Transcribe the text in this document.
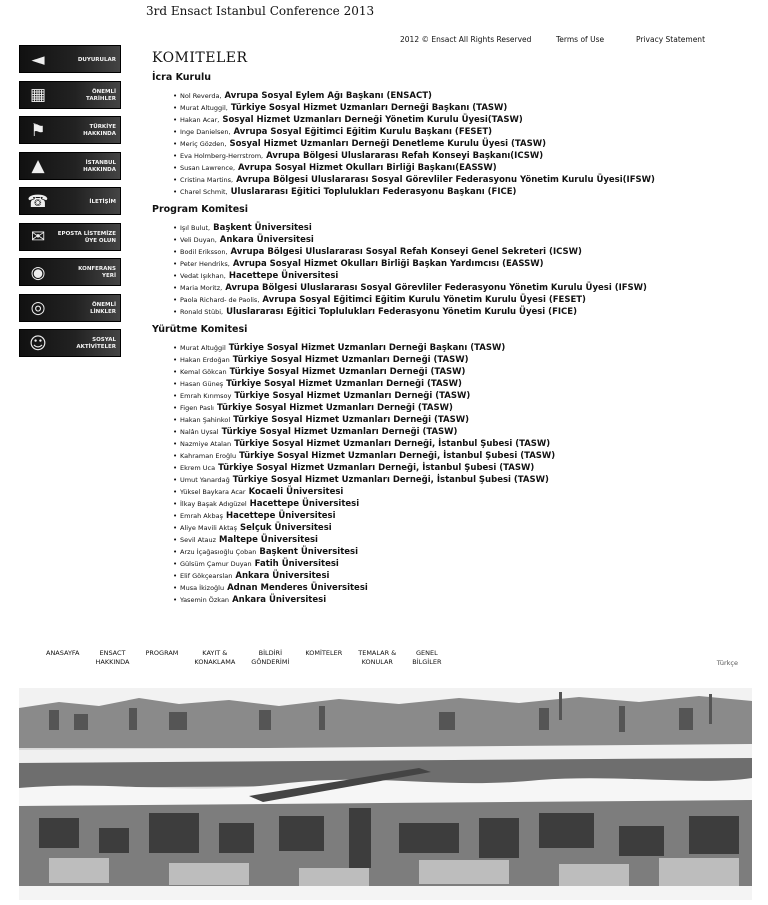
3rd Ensact Istanbul Conference 2013
2012 © Ensact All Rights Reserved	Terms of Use	Privacy Statement
◄	DUYURULAR
▦	ÖNEMLİ
TARİHLER
⚑	TÜRKİYE
HAKKINDA
▲	İSTANBUL
HAKKINDA
☎	İLETİŞİM
✉	EPOSTA LİSTEMİZE
ÜYE OLUN
◉	KONFERANS
YERİ
◎	ÖNEMLİ
LİNKLER
☺	SOSYAL
AKTİVİTELER
KOMITELER
İcra Kurulu
• Nol Reverda, Avrupa Sosyal Eylem Ağı Başkanı (ENSACT)
• Murat Altuggil, Türkiye Sosyal Hizmet Uzmanları Derneği Başkanı (TASW)
• Hakan Acar, Sosyal Hizmet Uzmanları Derneği Yönetim Kurulu Üyesi(TASW)
• Inge Danielsen, Avrupa Sosyal Eğitimci Eğitim Kurulu Başkanı (FESET)
• Meriç Gözden, Sosyal Hizmet Uzmanları Derneği Denetleme Kurulu Üyesi (TASW)
• Eva Holmberg-Herrstrom, Avrupa Bölgesi Uluslararası Refah Konseyi Başkanı(ICSW)
• Susan Lawrence, Avrupa Sosyal Hizmet Okulları Birliği Başkanı(EASSW)
• Cristina Martins, Avrupa Bölgesi Uluslararası Sosyal Görevliler Federasyonu Yönetim Kurulu Üyesi(IFSW)
• Charel Schmit, Uluslararası Eğitici Toplulukları Federasyonu Başkanı (FICE)
Program Komitesi
• Işıl Bulut, Başkent Üniversitesi
• Veli Duyan, Ankara Üniversitesi
• Bodil Eriksson, Avrupa Bölgesi Uluslararası Sosyal Refah Konseyi Genel Sekreteri (ICSW)
• Peter Hendriks, Avrupa Sosyal Hizmet Okulları Birliği Başkan Yardımcısı (EASSW)
• Vedat Işıkhan, Hacettepe Üniversitesi
• Maria Moritz, Avrupa Bölgesi Uluslararası Sosyal Görevliler Federasyonu Yönetim Kurulu Üyesi (IFSW)
• Paola Richard- de Paolis, Avrupa Sosyal Eğitimci Eğitim Kurulu Yönetim Kurulu Üyesi (FESET)
• Ronald Stübi, Uluslararası Eğitici Toplulukları Federasyonu Yönetim Kurulu Üyesi (FICE)
Yürütme Komitesi
• Murat Altuğgil Türkiye Sosyal Hizmet Uzmanları Derneği Başkanı (TASW)
• Hakan Erdoğan Türkiye Sosyal Hizmet Uzmanları Derneği (TASW)
• Kemal Gökcan Türkiye Sosyal Hizmet Uzmanları Derneği (TASW)
• Hasan Güneş Türkiye Sosyal Hizmet Uzmanları Derneği (TASW)
• Emrah Kırımsoy Türkiye Sosyal Hizmet Uzmanları Derneği (TASW)
• Figen Paslı Türkiye Sosyal Hizmet Uzmanları Derneği (TASW)
• Hakan Şahinkol Türkiye Sosyal Hizmet Uzmanları Derneği (TASW)
• Nalân Uysal Türkiye Sosyal Hizmet Uzmanları Derneği (TASW)
• Nazmiye Atalan Türkiye Sosyal Hizmet Uzmanları Derneği, İstanbul Şubesi (TASW)
• Kahraman Eroğlu Türkiye Sosyal Hizmet Uzmanları Derneği, İstanbul Şubesi (TASW)
• Ekrem Uca Türkiye Sosyal Hizmet Uzmanları Derneği, İstanbul Şubesi (TASW)
• Umut Yanardağ Türkiye Sosyal Hizmet Uzmanları Derneği, İstanbul Şubesi (TASW)
• Yüksel Baykara Acar Kocaeli Üniversitesi
• İlkay Başak Adıgüzel Hacettepe Üniversitesi
• Emrah Akbaş Hacettepe Üniversitesi
• Aliye Mavili Aktaş Selçuk Üniversitesi
• Sevil Atauz Maltepe Üniversitesi
• Arzu İçağasıoğlu Çoban Başkent Üniversitesi
• Gülsüm Çamur Duyan Fatih Üniversitesi
• Elif Gökçearslan Ankara Üniversitesi
• Musa İkizoğlu Adnan Menderes Üniversitesi
• Yasemin Özkan Ankara Üniversitesi
ANASAYFA	ENSACT
HAKKINDA
PROGRAM	KAYIT &
KONAKLAMA
BİLDİRİ
GÖNDERİMİ
KOMİTELER TEMALAR &
KONULAR
GENEL
BİLGİLER	Türkçe
